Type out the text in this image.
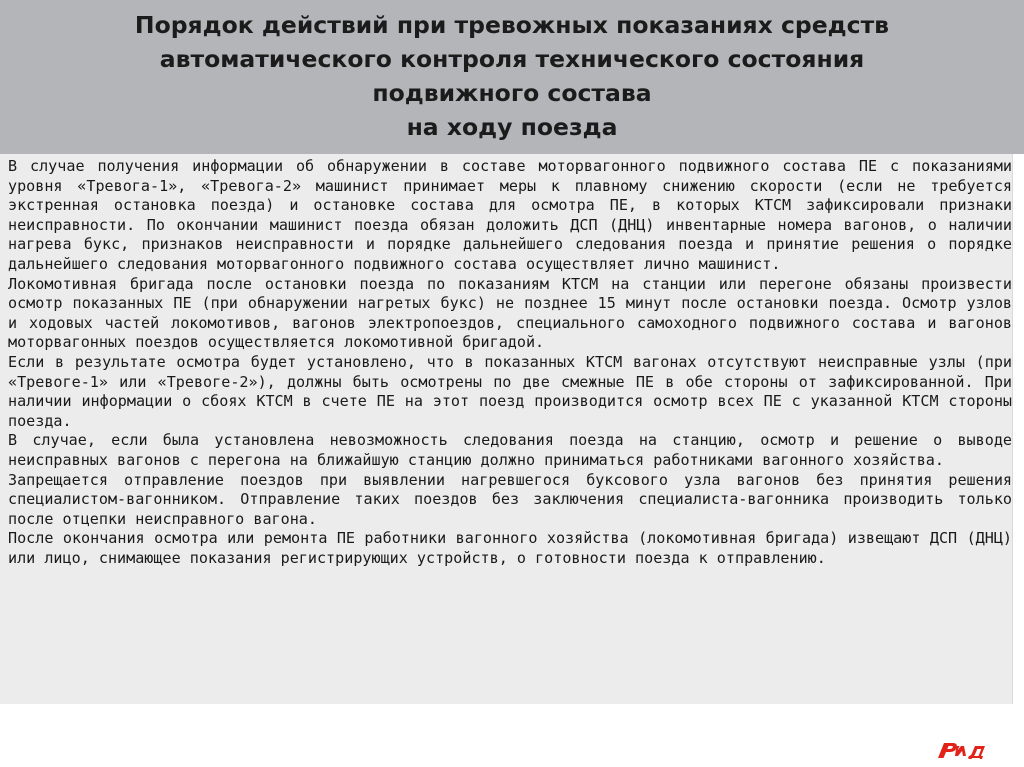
Порядок действий при тревожных показаниях средств
автоматического контроля технического состояния
подвижного состава
на ходу поезда

В случае получения информации об обнаружении в составе моторвагонного подвижного состава ПЕ с показаниями уровня «Тревога-1», «Тревога-2» машинист принимает меры к плавному снижению скорости (если не требуется экстренная остановка поезда) и остановке состава для осмотра ПЕ, в которых КТСМ зафиксировали признаки неисправности. По окончании машинист поезда обязан доложить ДСП (ДНЦ) инвентарные номера вагонов, о наличии нагрева букс, признаков неисправности и порядке дальнейшего следования поезда и принятие решения о порядке дальнейшего следования моторвагонного подвижного состава осуществляет лично машинист.

Локомотивная бригада после остановки поезда по показаниям КТСМ на станции или перегоне обязаны произвести осмотр показанных ПЕ (при обнаружении нагретых букс) не позднее 15 минут после остановки поезда. Осмотр узлов и ходовых частей локомотивов, вагонов электропоездов, специального самоходного подвижного состава и вагонов моторвагонных поездов осуществляется локомотивной бригадой.

Если в результате осмотра будет установлено, что в показанных КТСМ вагонах отсутствуют неисправные узлы (при «Тревоге-1» или «Тревоге-2»), должны быть осмотрены по две смежные ПЕ в обе стороны от зафиксированной. При наличии информации о сбоях КТСМ в счете ПЕ на этот поезд производится осмотр всех ПЕ с указанной КТСМ стороны поезда.

В случае, если была установлена невозможность следования поезда на станцию, осмотр и решение о выводе неисправных вагонов с перегона на ближайшую станцию должно приниматься работниками вагонного хозяйства.

Запрещается отправление поездов при выявлении нагревшегося буксового узла вагонов без принятия решения специалистом-вагонником. Отправление таких поездов без заключения специалиста-вагонника производить только после отцепки неисправного вагона.

После окончания осмотра или ремонта ПЕ работники вагонного хозяйства (локомотивная бригада) извещают ДСП (ДНЦ) или лицо, снимающее показания регистрирующих устройств, о готовности поезда к отправлению.
